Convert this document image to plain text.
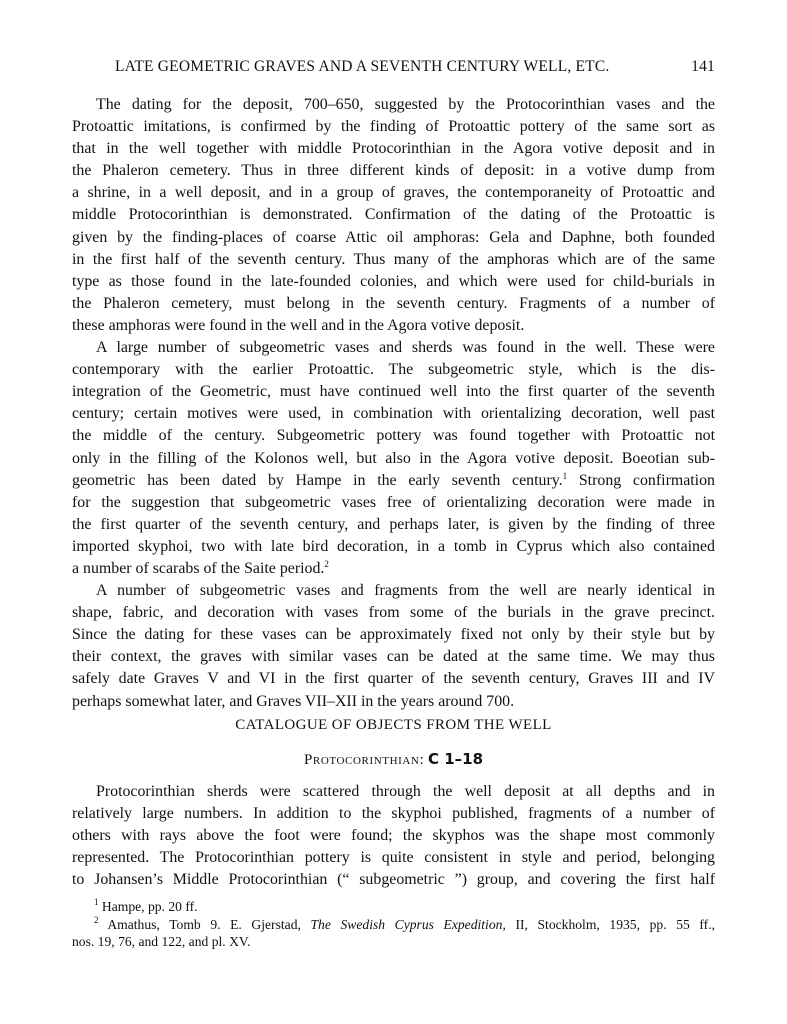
LATE GEOMETRIC GRAVES AND A SEVENTH CENTURY WELL, ETC.	141
The dating for the deposit, 700–650, suggested by the Protocorinthian vases and the
Protoattic imitations, is confirmed by the finding of Protoattic pottery of the same sort as
that in the well together with middle Protocorinthian in the Agora votive deposit and in
the Phaleron cemetery. Thus in three different kinds of deposit: in a votive dump from
a shrine, in a well deposit, and in a group of graves, the contemporaneity of Protoattic and
middle Protocorinthian is demonstrated. Confirmation of the dating of the Protoattic is
given by the finding-places of coarse Attic oil amphoras: Gela and Daphne, both founded
in the first half of the seventh century. Thus many of the amphoras which are of the same
type as those found in the late-founded colonies, and which were used for child-burials in
the Phaleron cemetery, must belong in the seventh century. Fragments of a number of
these amphoras were found in the well and in the Agora votive deposit.
A large number of subgeometric vases and sherds was found in the well. These were
contemporary with the earlier Protoattic. The subgeometric style, which is the dis-
integration of the Geometric, must have continued well into the first quarter of the seventh
century; certain motives were used, in combination with orientalizing decoration, well past
the middle of the century. Subgeometric pottery was found together with Protoattic not
only in the filling of the Kolonos well, but also in the Agora votive deposit. Boeotian sub-
geometric has been dated by Hampe in the early seventh century.$^1$ Strong confirmation
for the suggestion that subgeometric vases free of orientalizing decoration were made in
the first quarter of the seventh century, and perhaps later, is given by the finding of three
imported skyphoi, two with late bird decoration, in a tomb in Cyprus which also contained
a number of scarabs of the Saite period.$^2$
A number of subgeometric vases and fragments from the well are nearly identical in
shape, fabric, and decoration with vases from some of the burials in the grave precinct.
Since the dating for these vases can be approximately fixed not only by their style but by
their context, the graves with similar vases can be dated at the same time. We may thus
safely date Graves V and VI in the first quarter of the seventh century, Graves III and IV
perhaps somewhat later, and Graves VII–XII in the years around 700.
CATALOGUE OF OBJECTS FROM THE WELL
Protocorinthian: C 1–18
Protocorinthian sherds were scattered through the well deposit at all depths and in
relatively large numbers. In addition to the skyphoi published, fragments of a number of
others with rays above the foot were found; the skyphos was the shape most commonly
represented. The Protocorinthian pottery is quite consistent in style and period, belonging
to Johansen’s Middle Protocorinthian (“ subgeometric ”) group, and covering the first half
$^1$ Hampe, pp. 20 ff.
$^2$ Amathus, Tomb 9. E. Gjerstad, The Swedish Cyprus Expedition, II, Stockholm, 1935, pp. 55 ff.,
nos. 19, 76, and 122, and pl. XV.
